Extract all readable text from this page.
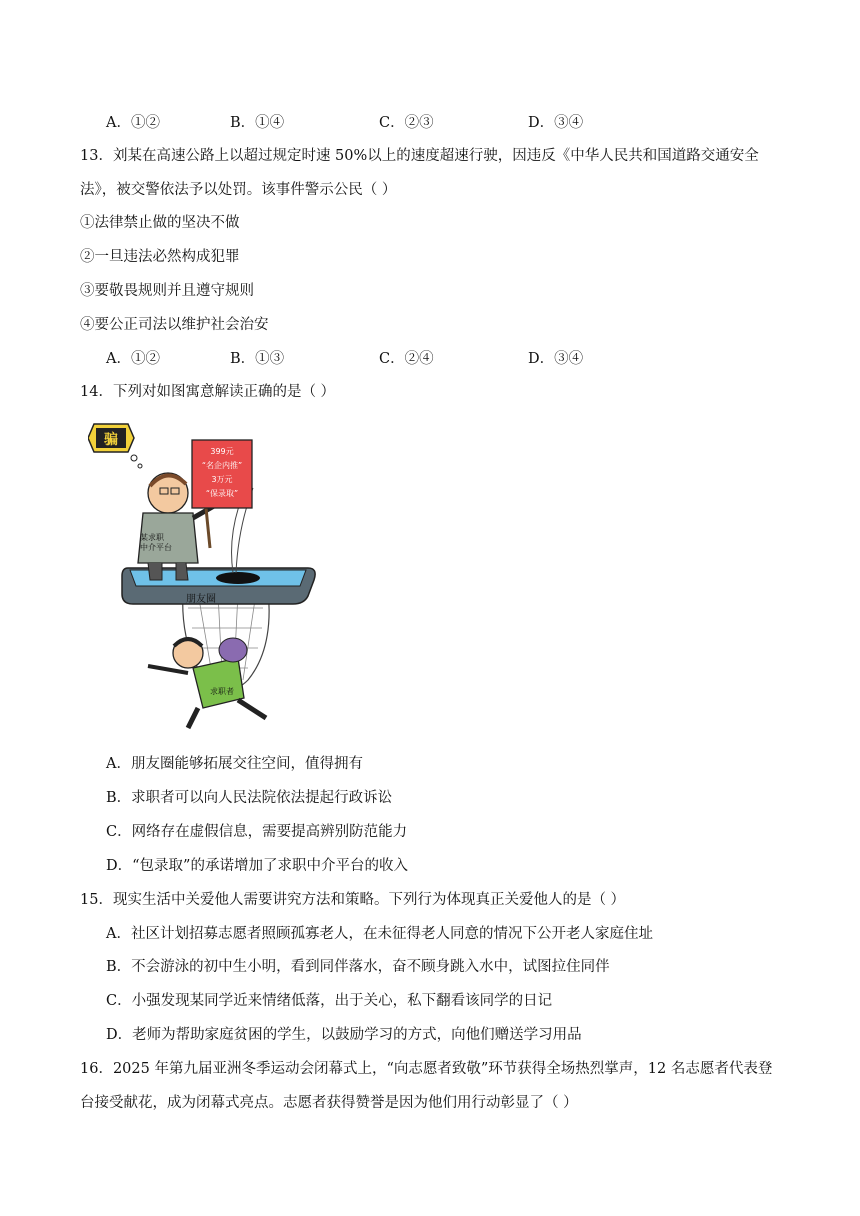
A．①②	B．①④	C．②③	D．③④
13．刘某在高速公路上以超过规定时速 50%以上的速度超速行驶，因违反《中华人民共和国道路交通安全
法》，被交警依法予以处罚。该事件警示公民（ ）
①法律禁止做的坚决不做
②一旦违法必然构成犯罪
③要敬畏规则并且遵守规则
④要公正司法以维护社会治安
A．①②	B．①③	C．②④	D．③④
14．下列对如图寓意解读正确的是（ ）
朋友圈
某求职
中介平台
399元
“名企内推”
3万元
“保录取”
骗
求职者
A．朋友圈能够拓展交往空间，值得拥有
B．求职者可以向人民法院依法提起行政诉讼
C．网络存在虚假信息，需要提高辨别防范能力
D．“包录取”的承诺增加了求职中介平台的收入
15．现实生活中关爱他人需要讲究方法和策略。下列行为体现真正关爱他人的是（ ）
A．社区计划招募志愿者照顾孤寡老人，在未征得老人同意的情况下公开老人家庭住址
B．不会游泳的初中生小明，看到同伴落水，奋不顾身跳入水中，试图拉住同伴
C．小强发现某同学近来情绪低落，出于关心，私下翻看该同学的日记
D．老师为帮助家庭贫困的学生，以鼓励学习的方式，向他们赠送学习用品
16．2025 年第九届亚洲冬季运动会闭幕式上，“向志愿者致敬”环节获得全场热烈掌声，12 名志愿者代表登
台接受献花，成为闭幕式亮点。志愿者获得赞誉是因为他们用行动彰显了（ ）
